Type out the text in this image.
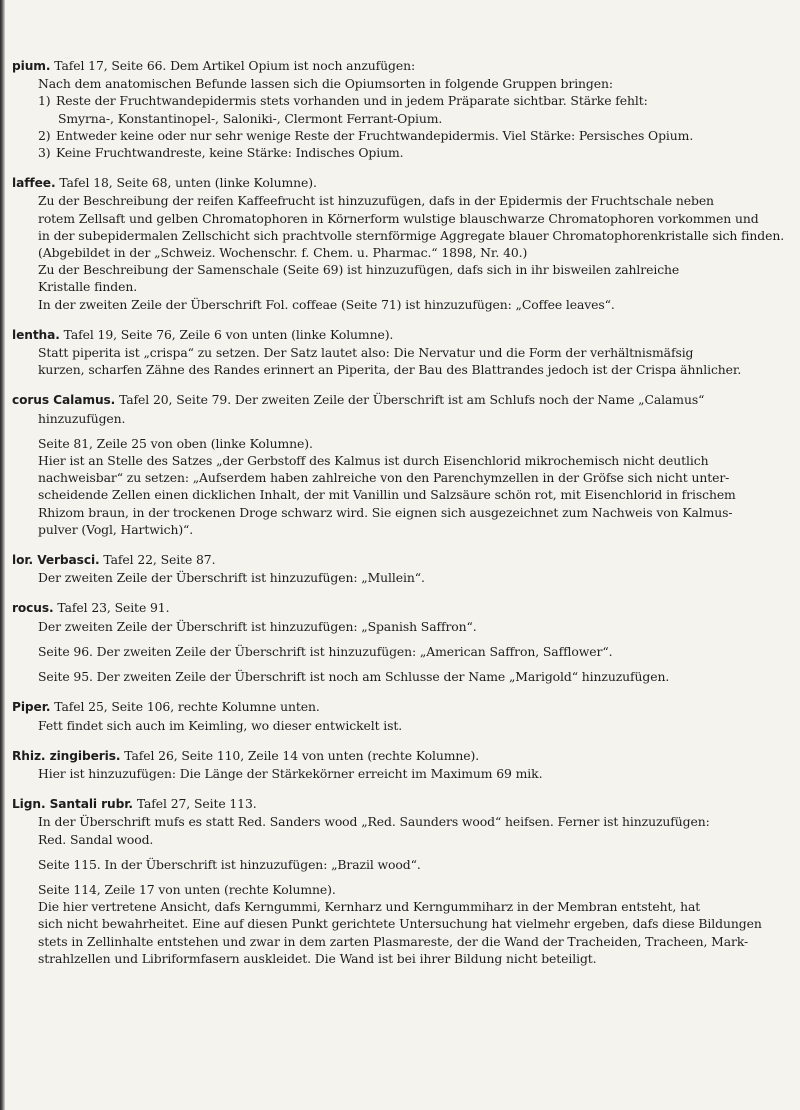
pium. Tafel 17, Seite 66. Dem Artikel Opium ist noch anzufügen:
Nach dem anatomischen Befunde lassen sich die Opiumsorten in folgende Gruppen bringen:
1) Reste der Fruchtwandepidermis stets vorhanden und in jedem Präparate sichtbar. Stärke fehlt:
Smyrna-, Konstantinopel-, Saloniki-, Clermont Ferrant-Opium.
2) Entweder keine oder nur sehr wenige Reste der Fruchtwandepidermis. Viel Stärke: Persisches Opium.
3) Keine Fruchtwandreste, keine Stärke: Indisches Opium.
laffee. Tafel 18, Seite 68, unten (linke Kolumne).
Zu der Beschreibung der reifen Kaffeefrucht ist hinzuzufügen, dafs in der Epidermis der Fruchtschale neben
rotem Zellsaft und gelben Chromatophoren in Körnerform wulstige blauschwarze Chromatophoren vorkommen und
in der subepidermalen Zellschicht sich prachtvolle sternförmige Aggregate blauer Chromatophorenkristalle sich finden.
(Abgebildet in der „Schweiz. Wochenschr. f. Chem. u. Pharmac.“ 1898, Nr. 40.)
Zu der Beschreibung der Samenschale (Seite 69) ist hinzuzufügen, dafs sich in ihr bisweilen zahlreiche
Kristalle finden.
In der zweiten Zeile der Überschrift Fol. coffeae (Seite 71) ist hinzuzufügen: „Coffee leaves“.
lentha. Tafel 19, Seite 76, Zeile 6 von unten (linke Kolumne).
Statt piperita ist „crispa“ zu setzen. Der Satz lautet also: Die Nervatur und die Form der verhältnismäfsig
kurzen, scharfen Zähne des Randes erinnert an Piperita, der Bau des Blattrandes jedoch ist der Crispa ähnlicher.
corus Calamus. Tafel 20, Seite 79. Der zweiten Zeile der Überschrift ist am Schlufs noch der Name „Calamus“
hinzuzufügen.
Seite 81, Zeile 25 von oben (linke Kolumne).
Hier ist an Stelle des Satzes „der Gerbstoff des Kalmus ist durch Eisenchlorid mikrochemisch nicht deutlich
nachweisbar“ zu setzen: „Aufserdem haben zahlreiche von den Parenchymzellen in der Gröfse sich nicht unter-
scheidende Zellen einen dicklichen Inhalt, der mit Vanillin und Salzsäure schön rot, mit Eisenchlorid in frischem
Rhizom braun, in der trockenen Droge schwarz wird. Sie eignen sich ausgezeichnet zum Nachweis von Kalmus-
pulver (Vogl, Hartwich)“.
lor. Verbasci. Tafel 22, Seite 87.
Der zweiten Zeile der Überschrift ist hinzuzufügen: „Mullein“.
rocus. Tafel 23, Seite 91.
Der zweiten Zeile der Überschrift ist hinzuzufügen: „Spanish Saffron“.
Seite 96. Der zweiten Zeile der Überschrift ist hinzuzufügen: „American Saffron, Safflower“.
Seite 95. Der zweiten Zeile der Überschrift ist noch am Schlusse der Name „Marigold“ hinzuzufügen.
Piper. Tafel 25, Seite 106, rechte Kolumne unten.
Fett findet sich auch im Keimling, wo dieser entwickelt ist.
Rhiz. zingiberis. Tafel 26, Seite 110, Zeile 14 von unten (rechte Kolumne).
Hier ist hinzuzufügen: Die Länge der Stärkekörner erreicht im Maximum 69 mik.
Lign. Santali rubr. Tafel 27, Seite 113.
In der Überschrift mufs es statt Red. Sanders wood „Red. Saunders wood“ heifsen. Ferner ist hinzuzufügen:
Red. Sandal wood.
Seite 115. In der Überschrift ist hinzuzufügen: „Brazil wood“.
Seite 114, Zeile 17 von unten (rechte Kolumne).
Die hier vertretene Ansicht, dafs Kerngummi, Kernharz und Kerngummiharz in der Membran entsteht, hat
sich nicht bewahrheitet. Eine auf diesen Punkt gerichtete Untersuchung hat vielmehr ergeben, dafs diese Bildungen
stets in Zellinhalte entstehen und zwar in dem zarten Plasmareste, der die Wand der Tracheiden, Tracheen, Mark-
strahlzellen und Libriformfasern auskleidet. Die Wand ist bei ihrer Bildung nicht beteiligt.
